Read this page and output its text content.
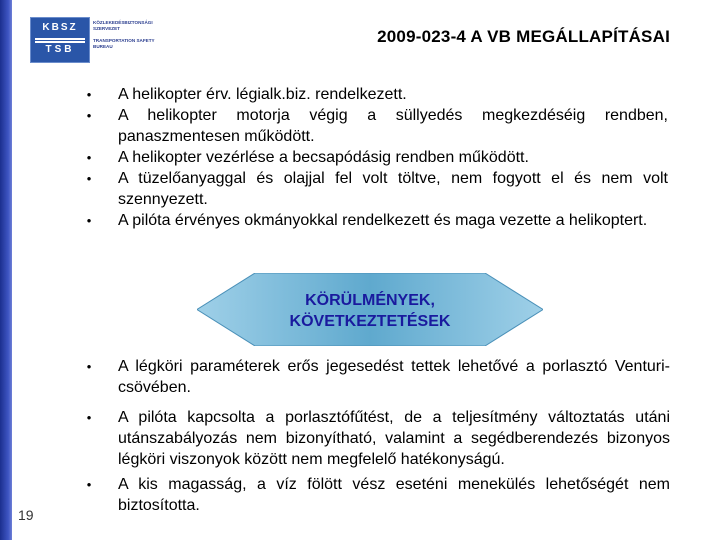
KBSZ
TSB
KÖZLEKEDÉSBIZTONSÁGI
SZERVEZET
TRANSPORTATION SAFETY
BUREAU
2009-023-4 A VB MEGÁLLAPÍTÁSAI
• A helikopter érv. légialk.biz. rendelkezett.
• A helikopter motorja végig a süllyedés megkezdéséig rendben, panaszmentesen működött.
• A helikopter vezérlése a becsapódásig rendben működött.
• A tüzelőanyaggal és olajjal fel volt töltve, nem fogyott el és nem volt szennyezett.
• A pilóta érvényes okmányokkal rendelkezett és maga vezette a helikoptert.
KÖRÜLMÉNYEK,
KÖVETKEZTETÉSEK
• A légköri paraméterek erős jegesedést tettek lehetővé a porlasztó Venturi-csövében.
• A pilóta kapcsolta a porlasztófűtést, de a teljesítmény változtatás utáni utánszabályozás nem bizonyítható, valamint a segédberendezés bizonyos légköri viszonyok között nem megfelelő hatékonyságú.
• A kis magasság, a víz fölött vész eseténi menekülés lehetőségét nem biztosította.
19
